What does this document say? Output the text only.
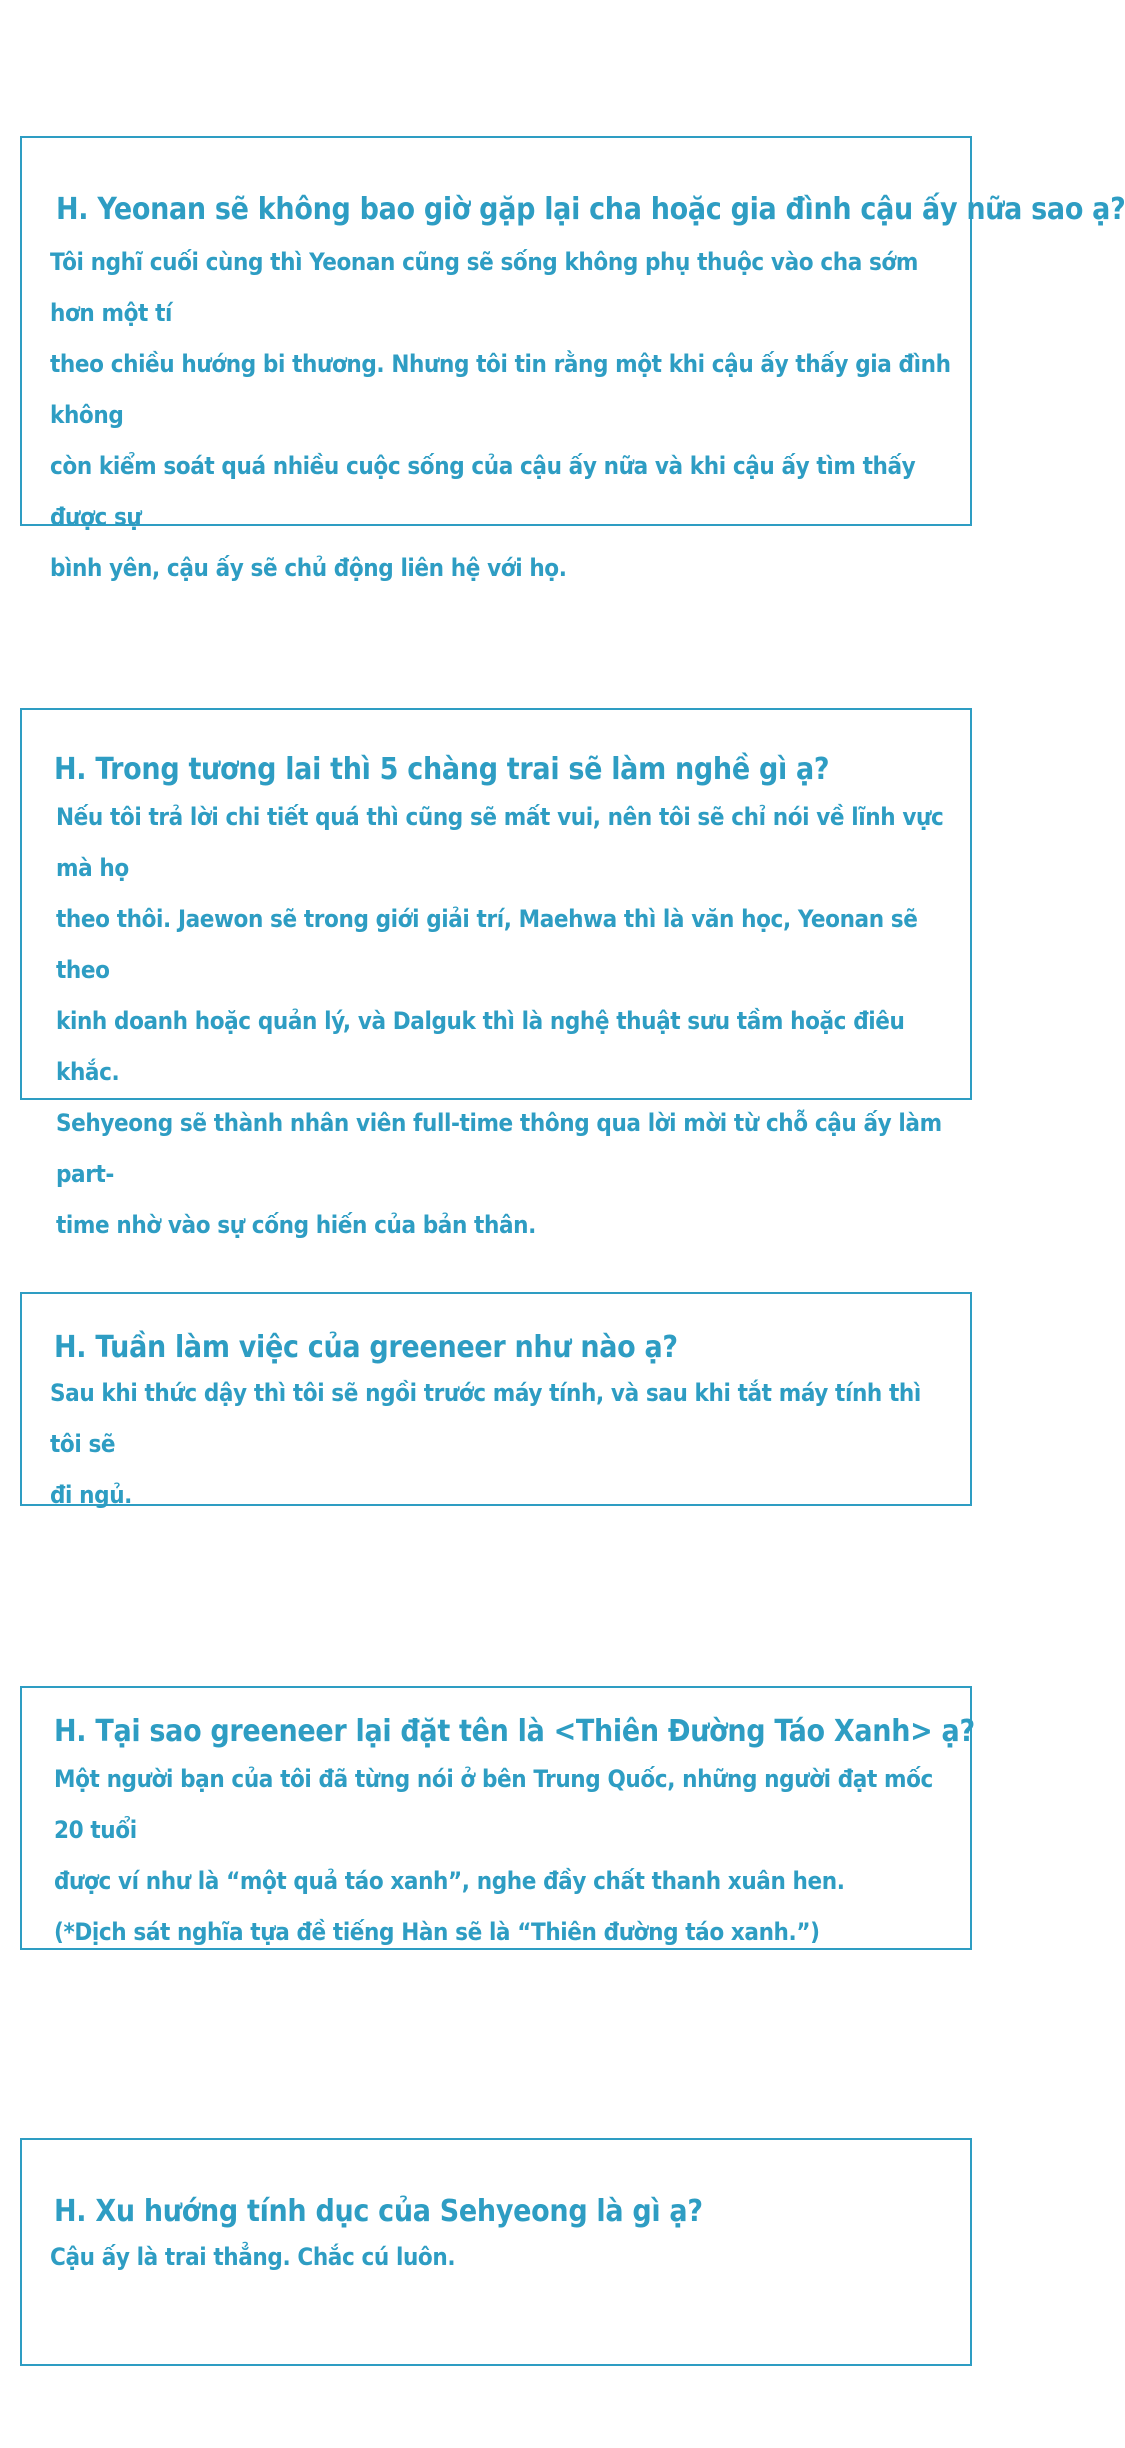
H. Yeonan sẽ không bao giờ gặp lại cha hoặc gia đình cậu ấy nữa sao ạ?
Tôi nghĩ cuối cùng thì Yeonan cũng sẽ sống không phụ thuộc vào cha sớm hơn một tí
theo chiều hướng bi thương. Nhưng tôi tin rằng một khi cậu ấy thấy gia đình không
còn kiểm soát quá nhiều cuộc sống của cậu ấy nữa và khi cậu ấy tìm thấy được sự
bình yên, cậu ấy sẽ chủ động liên hệ với họ.
H. Trong tương lai thì 5 chàng trai sẽ làm nghề gì ạ?
Nếu tôi trả lời chi tiết quá thì cũng sẽ mất vui, nên tôi sẽ chỉ nói về lĩnh vực mà họ
theo thôi. Jaewon sẽ trong giới giải trí, Maehwa thì là văn học, Yeonan sẽ theo
kinh doanh hoặc quản lý, và Dalguk thì là nghệ thuật sưu tầm hoặc điêu khắc.
Sehyeong sẽ thành nhân viên full-time thông qua lời mời từ chỗ cậu ấy làm part-
time nhờ vào sự cống hiến của bản thân.
H. Tuần làm việc của greeneer như nào ạ?
Sau khi thức dậy thì tôi sẽ ngồi trước máy tính, và sau khi tắt máy tính thì tôi sẽ
đi ngủ.
H. Tại sao greeneer lại đặt tên là <Thiên Đường Táo Xanh> ạ?
Một người bạn của tôi đã từng nói ở bên Trung Quốc, những người đạt mốc 20 tuổi
được ví như là “một quả táo xanh”, nghe đầy chất thanh xuân hen.
(*Dịch sát nghĩa tựa đề tiếng Hàn sẽ là “Thiên đường táo xanh.”)
H. Xu hướng tính dục của Sehyeong là gì ạ?
Cậu ấy là trai thẳng. Chắc cú luôn.
